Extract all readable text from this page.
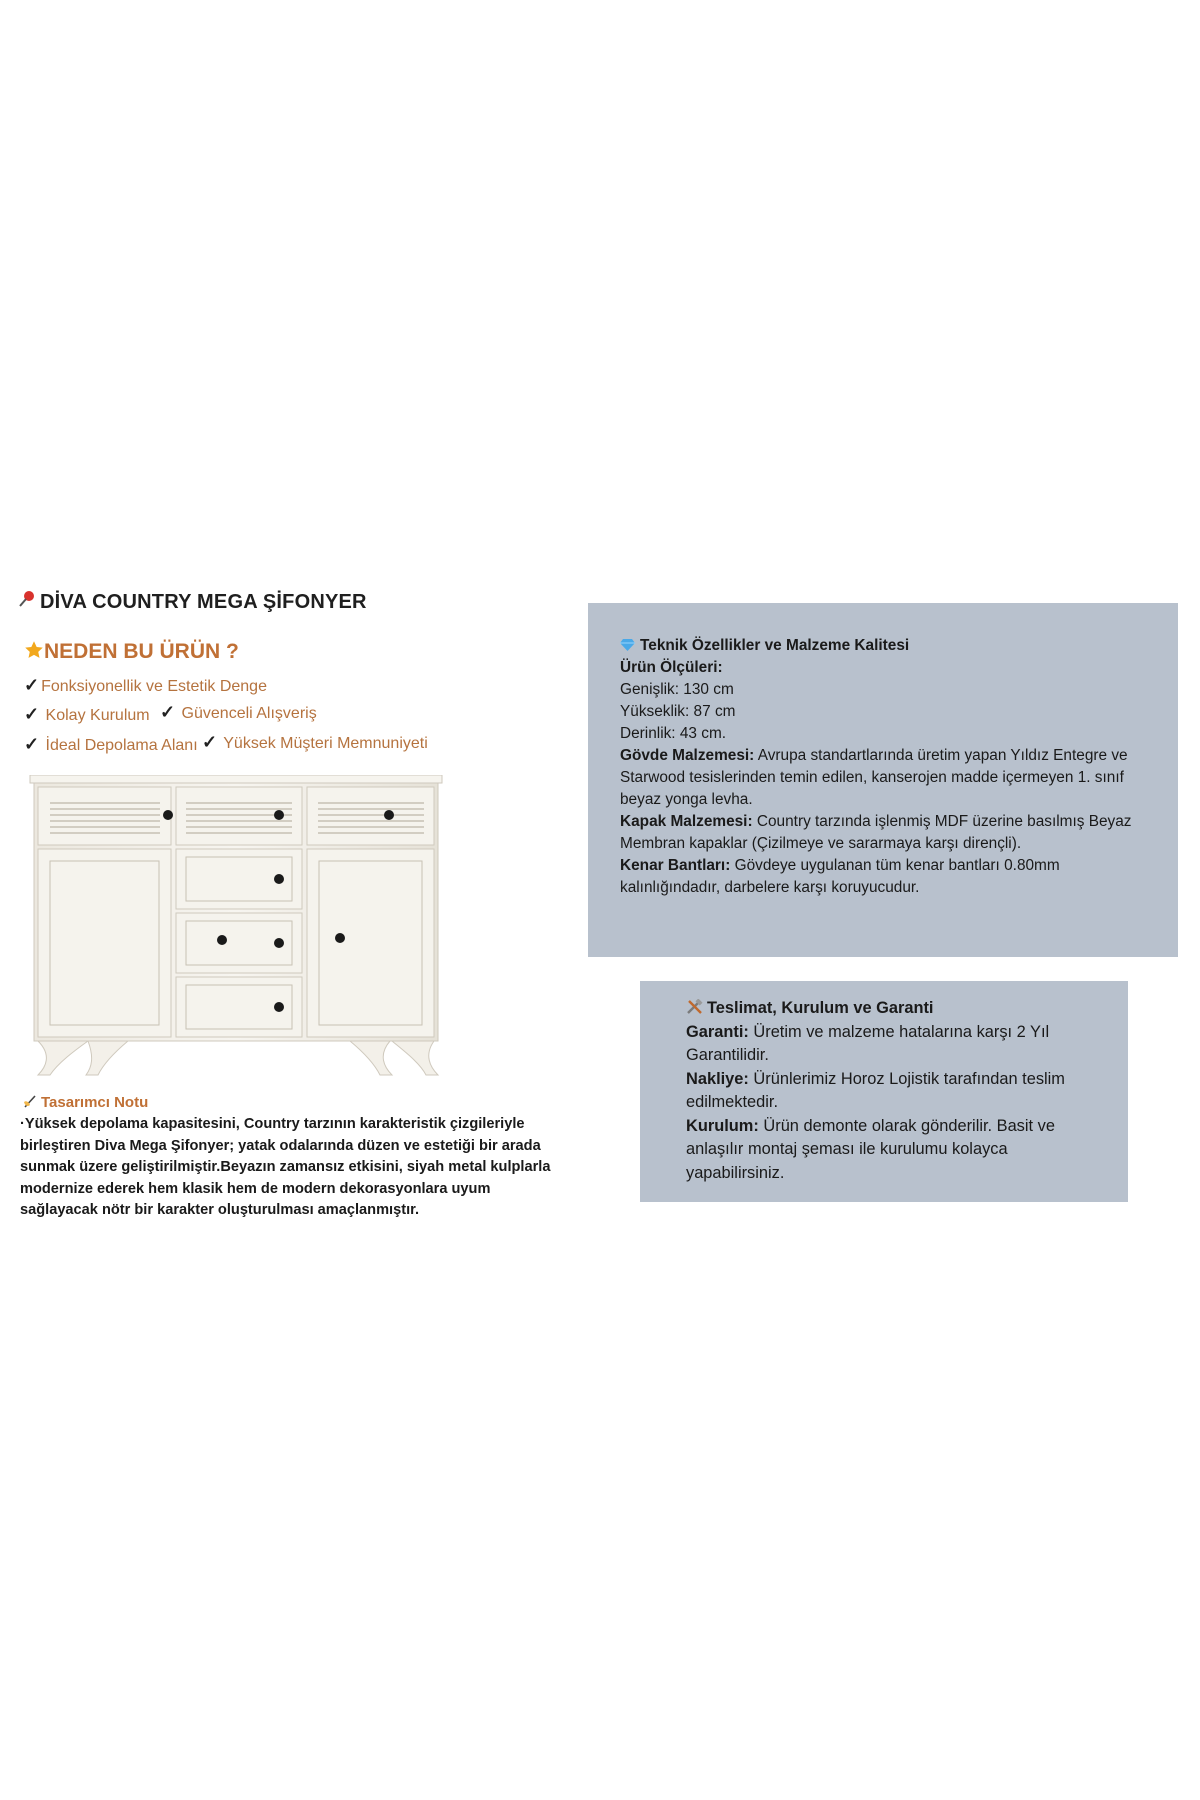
DİVA COUNTRY MEGA ŞİFONYER
NEDEN BU ÜRÜN ?
✓ Fonksiyonellik ve Estetik Denge
✓ Kolay Kurulum ✓ Güvenceli Alışveriş
✓ İdeal Depolama Alanı ✓ Yüksek Müşteri Memnuniyeti
Tasarımcı Notu
·Yüksek depolama kapasitesini, Country tarzının karakteristik çizgileriyle birleştiren Diva Mega Şifonyer; yatak odalarında düzen ve estetiği bir arada sunmak üzere geliştirilmiştir.Beyazın zamansız etkisini, siyah metal kulplarla modernize ederek hem klasik hem de modern dekorasyonlara uyum sağlayacak nötr bir karakter oluşturulması amaçlanmıştır.
Teknik Özellikler ve Malzeme Kalitesi
Ürün Ölçüleri:
Genişlik: 130 cm
Yükseklik: 87 cm
Derinlik: 43 cm.
Gövde Malzemesi: Avrupa standartlarında üretim yapan Yıldız Entegre ve Starwood tesislerinden temin edilen, kanserojen madde içermeyen 1. sınıf beyaz yonga levha.
Kapak Malzemesi: Country tarzında işlenmiş MDF üzerine basılmış Beyaz Membran kapaklar (Çizilmeye ve sararmaya karşı dirençli).
Kenar Bantları: Gövdeye uygulanan tüm kenar bantları 0.80mm kalınlığındadır, darbelere karşı koruyucudur.
Teslimat, Kurulum ve Garanti
Garanti: Üretim ve malzeme hatalarına karşı 2 Yıl Garantilidir.
Nakliye: Ürünlerimiz Horoz Lojistik tarafından teslim edilmektedir.
Kurulum: Ürün demonte olarak gönderilir. Basit ve anlaşılır montaj şeması ile kurulumu kolayca yapabilirsiniz.
